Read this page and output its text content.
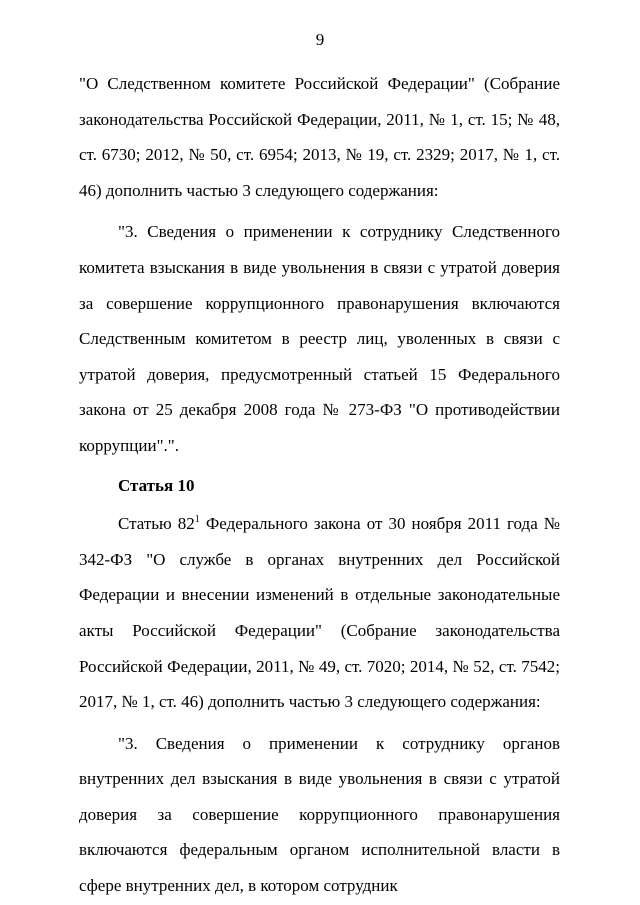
9

"О Следственном комитете Российской Федерации" (Собрание законодательства Российской Федерации, 2011, № 1, ст. 15; № 48, ст. 6730; 2012, № 50, ст. 6954; 2013, № 19, ст. 2329; 2017, № 1, ст. 46) дополнить частью 3 следующего содержания:

"3. Сведения о применении к сотруднику Следственного комитета взыскания в виде увольнения в связи с утратой доверия за совершение коррупционного правонарушения включаются Следственным комитетом в реестр лиц, уволенных в связи с утратой доверия, предусмотренный статьей 15 Федерального закона от 25 декабря 2008 года № 273-ФЗ "О противодействии коррупции".".

Статья 10

Статью $82^1$ Федерального закона от 30 ноября 2011 года № 342-ФЗ "О службе в органах внутренних дел Российской Федерации и внесении изменений в отдельные законодательные акты Российской Федерации" (Собрание законодательства Российской Федерации, 2011, № 49, ст. 7020; 2014, № 52, ст. 7542; 2017, № 1, ст. 46) дополнить частью 3 следующего содержания:

"3. Сведения о применении к сотруднику органов внутренних дел взыскания в виде увольнения в связи с утратой доверия за совершение коррупционного правонарушения включаются федеральным органом исполнительной власти в сфере внутренних дел, в котором сотрудник
